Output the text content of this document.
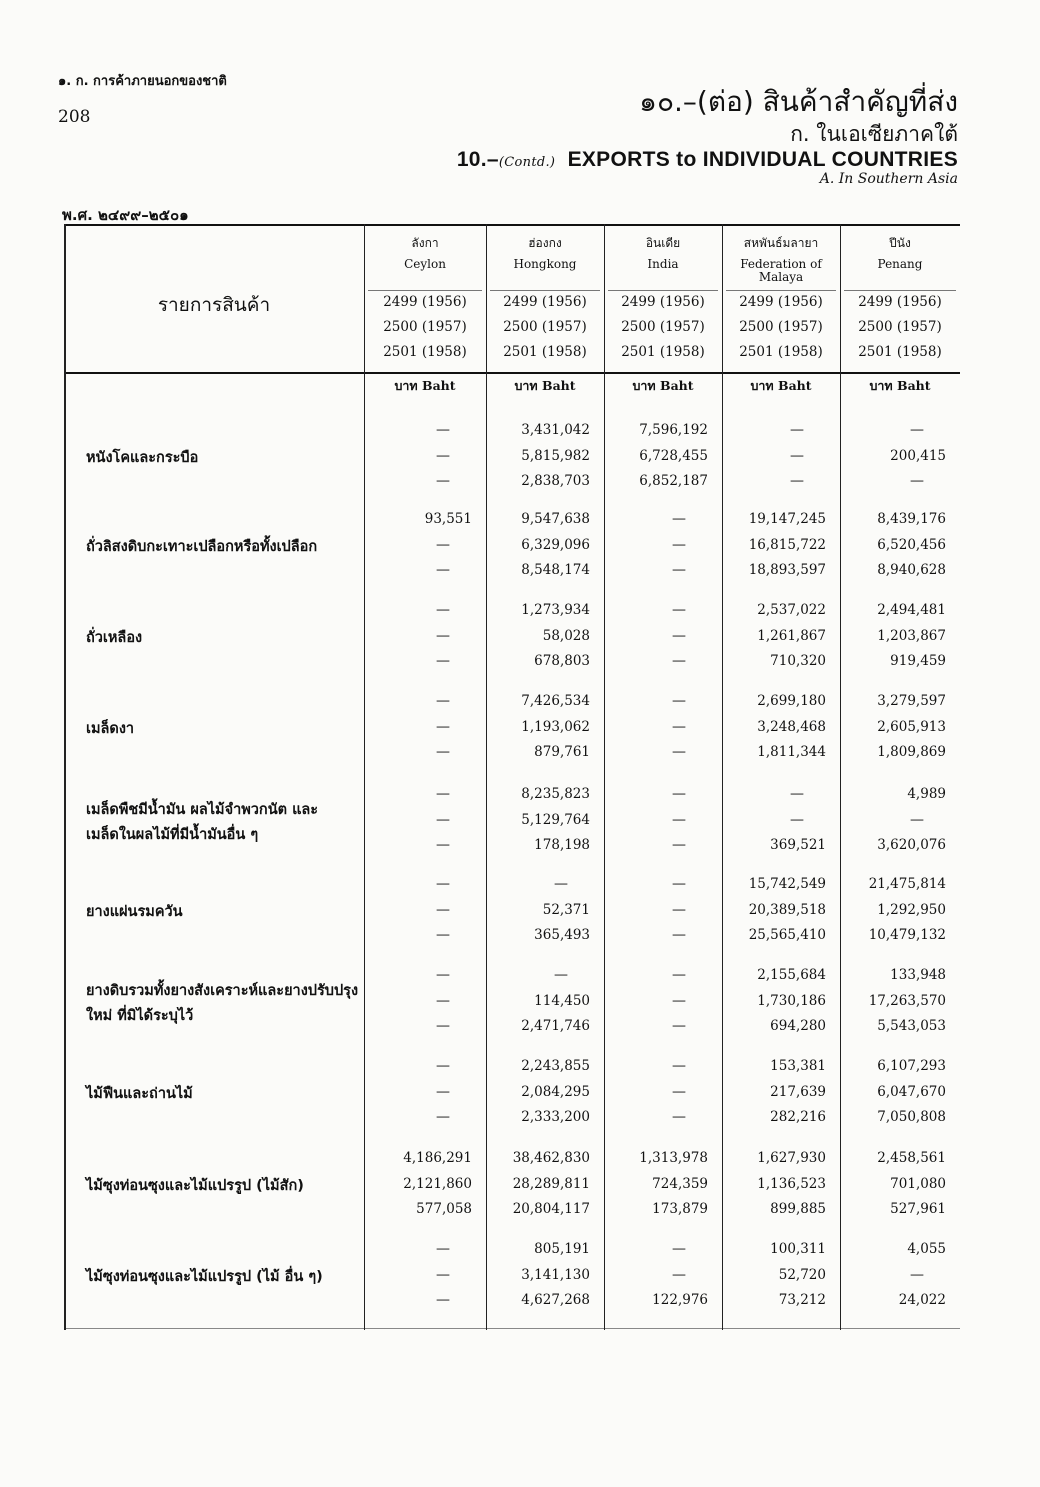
๑. ก. การค้าภายนอกของชาติ
208	๑๐.–(ต่อ) สินค้าสำคัญที่ส่ง
ก. ในเอเซียภาคใต้
10.–(Contd.) EXPORTS to INDIVIDUAL COUNTRIES
A. In Southern Asia
พ.ศ. ๒๔๙๙–๒๕๐๑
รายการสินค้า
ลังกา
Ceylon
2499 (1956)
2500 (1957)
2501 (1958)
บาท Baht
ฮ่องกง
Hongkong
2499 (1956)
2500 (1957)
2501 (1958)
บาท Baht
อินเดีย
India
2499 (1956)
2500 (1957)
2501 (1958)
บาท Baht
สหพันธ์มลายา
Federation of
Malaya
2499 (1956)
2500 (1957)
2501 (1958)
บาท Baht
ปีนัง
Penang
2499 (1956)
2500 (1957)
2501 (1958)
บาท Baht
หนังโคและกระบือ
—
—
—
3,431,042
5,815,982
2,838,703
7,596,192
6,728,455
6,852,187
—
—
—
—
200,415
—
ถั่วลิสงดิบกะเทาะเปลือกหรือทั้งเปลือก
93,551
—
—
9,547,638
6,329,096
8,548,174
—
—
—
19,147,245
16,815,722
18,893,597
8,439,176
6,520,456
8,940,628
ถั่วเหลือง
—
—
—
1,273,934
58,028
678,803
—
—
—
2,537,022
1,261,867
710,320
2,494,481
1,203,867
919,459
เมล็ดงา
—
—
—
7,426,534
1,193,062
879,761
—
—
—
2,699,180
3,248,468
1,811,344
3,279,597
2,605,913
1,809,869
เมล็ดพืชมีน้ำมัน ผลไม้จำพวกนัต และ
เมล็ดในผลไม้ที่มีน้ำมันอื่น ๆ
—
—
—
8,235,823
5,129,764
178,198
—
—
—
—
—
369,521
4,989
—
3,620,076
ยางแผ่นรมควัน
—
—
—
—
52,371
365,493
—
—
—
15,742,549
20,389,518
25,565,410
21,475,814
1,292,950
10,479,132
ยางดิบรวมทั้งยางสังเคราะห์และยางปรับปรุง
ใหม่ ที่มิได้ระบุไว้
—
—
—
—
114,450
2,471,746
—
—
—
2,155,684
1,730,186
694,280
133,948
17,263,570
5,543,053
ไม้ฟืนและถ่านไม้
—
—
—
2,243,855
2,084,295
2,333,200
—
—
—
153,381
217,639
282,216
6,107,293
6,047,670
7,050,808
ไม้ซุงท่อนซุงและไม้แปรรูป (ไม้สัก)
4,186,291
2,121,860
577,058
38,462,830
28,289,811
20,804,117
1,313,978
724,359
173,879
1,627,930
1,136,523
899,885
2,458,561
701,080
527,961
ไม้ซุงท่อนซุงและไม้แปรรูป (ไม้ อื่น ๆ)
—
—
—
805,191
3,141,130
4,627,268
—
—
122,976
100,311
52,720
73,212
4,055
—
24,022
